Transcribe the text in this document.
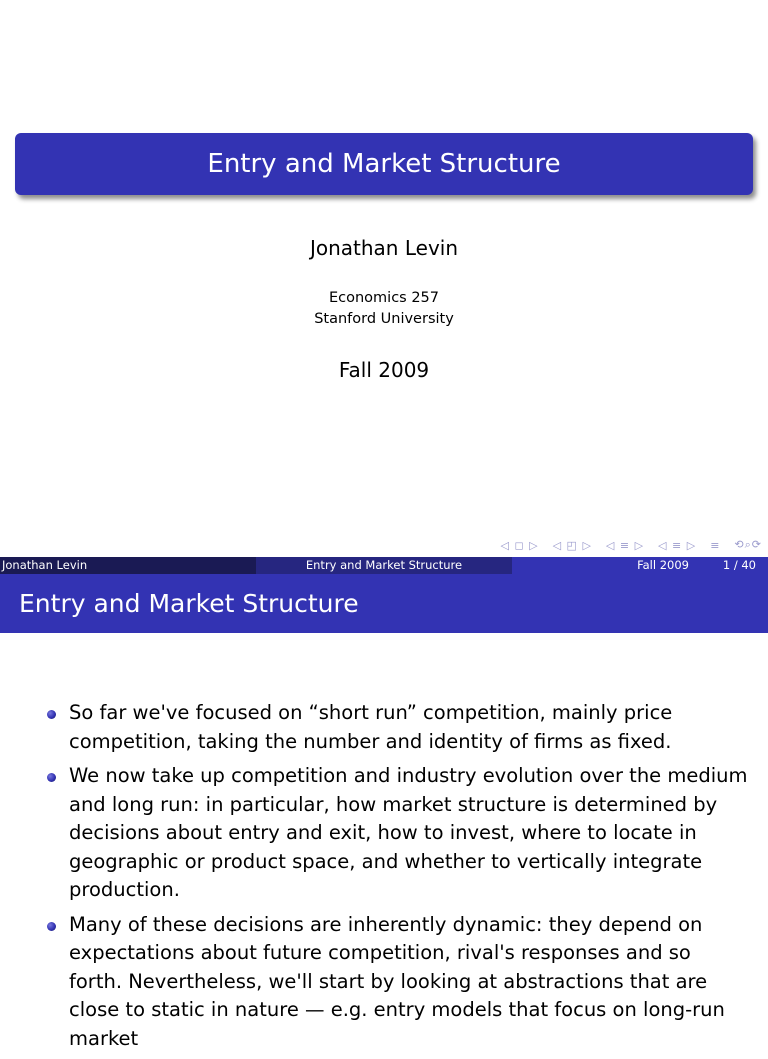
Entry and Market Structure
Jonathan Levin
Economics 257
Stanford University
Fall 2009
◁ ◻ ▷ ◁ ◰ ▷ ◁ ≡ ▷ ◁ ≡ ▷ ≡ ⟲⌕⟳
Jonathan Levin	Entry and Market Structure	Fall 2009	1 / 40
Entry and Market Structure
So far we've focused on “short run” competition, mainly price competition, taking the number and identity of firms as fixed.
We now take up competition and industry evolution over the medium and long run: in particular, how market structure is determined by decisions about entry and exit, how to invest, where to locate in geographic or product space, and whether to vertically integrate production.
Many of these decisions are inherently dynamic: they depend on expectations about future competition, rival's responses and so forth. Nevertheless, we'll start by looking at abstractions that are close to static in nature — e.g. entry models that focus on long-run market
